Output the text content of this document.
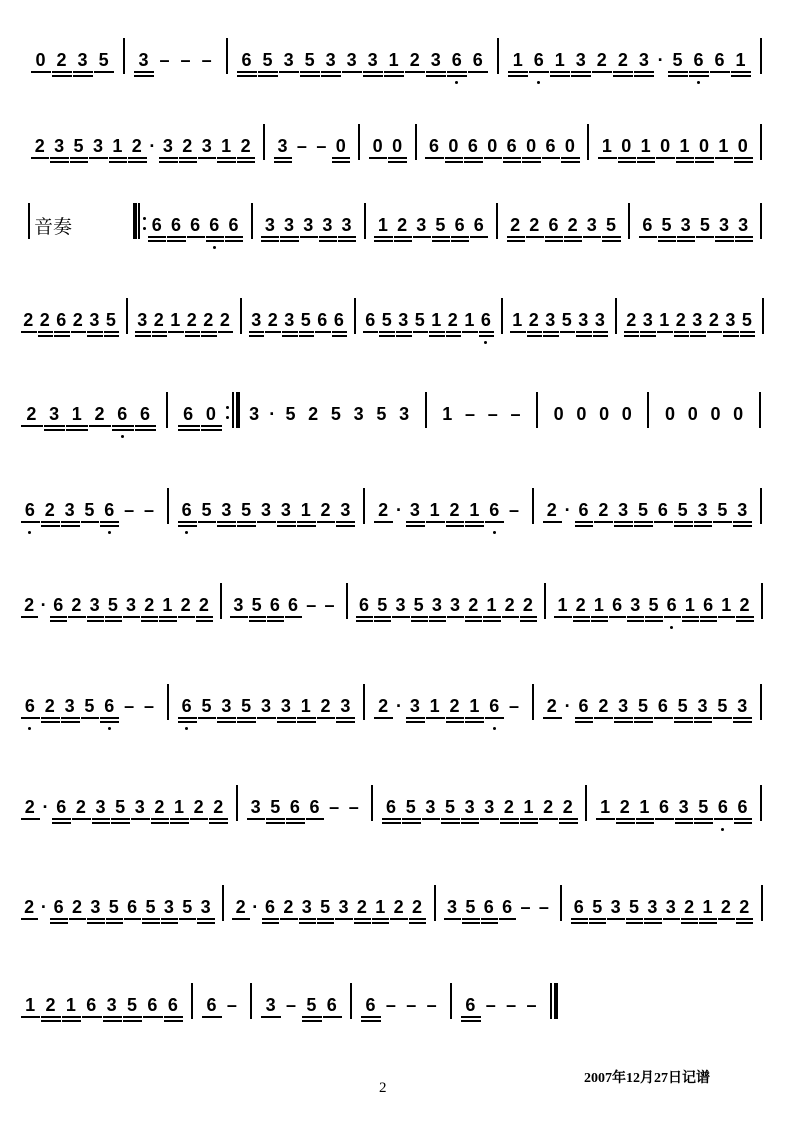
0 2 3 5 3 – – – 6 5 3 5 3 3 3 1 2 3 6 6 1 6 1 3 2 2 3 · 5 6 6 1
2 3 5 3 1 2 · 3 2 3 1 2 3 – – 0 0 0 6 0 6 0 6 0 6 0 1 0 1 0 1 0 1 0
音奏	6 6 6 6 6 3 3 3 3 3 1 2 3 5 6 6 2 2 6 2 3 5 6 5 3 5 3 3
2 2 6 2 3 5 3 2 1 2 2 2 3 2 3 5 6 6 6 5 3 5 1 2 1 6 1 2 3 5 3 3 2 3 1 2 3 2 3 5
2 3 1 2 6 6 6 0 3 · 5 2 5 3 5 3 1 – – – 0 0 0 0 0 0 0 0
6 2 3 5 6 – – 6 5 3 5 3 3 1 2 3 2 · 3 1 2 1 6 – 2 · 6 2 3 5 6 5 3 5 3
2 · 6 2 3 5 3 2 1 2 2 3 5 6 6 – – 6 5 3 5 3 3 2 1 2 2 1 2 1 6 3 5 6 1 6 1 2
6 2 3 5 6 – – 6 5 3 5 3 3 1 2 3 2 · 3 1 2 1 6 – 2 · 6 2 3 5 6 5 3 5 3
2 · 6 2 3 5 3 2 1 2 2 3 5 6 6 – – 6 5 3 5 3 3 2 1 2 2 1 2 1 6 3 5 6 6
2 · 6 2 3 5 6 5 3 5 3 2 · 6 2 3 5 3 2 1 2 2 3 5 6 6 – – 6 5 3 5 3 3 2 1 2 2
1 2 1 6 3 5 6 6 6 – 3 – 5 6 6 – – – 6 – – –
2
2007年12月27日记谱
